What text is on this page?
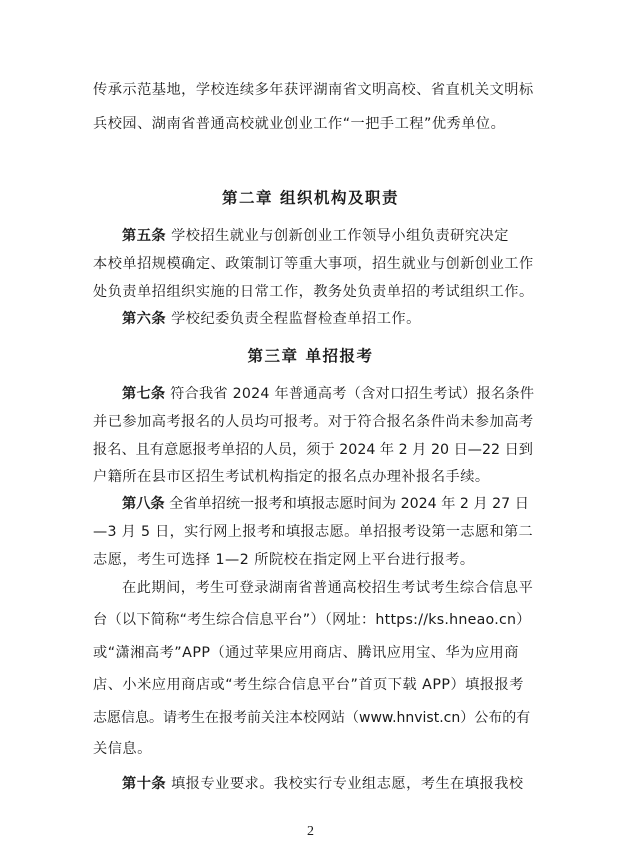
传承示范基地，学校连续多年获评湖南省文明高校、省直机关文明标
兵校园、湖南省普通高校就业创业工作“一把手工程”优秀单位。
第二章 组织机构及职责
第五条 学校招生就业与创新创业工作领导小组负责研究决定
本校单招规模确定、政策制订等重大事项，招生就业与创新创业工作
处负责单招组织实施的日常工作，教务处负责单招的考试组织工作。
第六条 学校纪委负责全程监督检查单招工作。
第三章 单招报考
第七条 符合我省 2024 年普通高考（含对口招生考试）报名条件
并已参加高考报名的人员均可报考。对于符合报名条件尚未参加高考
报名、且有意愿报考单招的人员，须于 2024 年 2 月 20 日—22 日到
户籍所在县市区招生考试机构指定的报名点办理补报名手续。
第八条 全省单招统一报考和填报志愿时间为 2024 年 2 月 27 日
—3 月 5 日，实行网上报考和填报志愿。单招报考设第一志愿和第二
志愿，考生可选择 1—2 所院校在指定网上平台进行报考。
在此期间，考生可登录湖南省普通高校招生考试考生综合信息平
台（以下简称“考生综合信息平台”）（网址：https://ks.hneao.cn）
或“潇湘高考”APP（通过苹果应用商店、腾讯应用宝、华为应用商
店、小米应用商店或“考生综合信息平台”首页下载 APP）填报报考
志愿信息。请考生在报考前关注本校网站（www.hnvist.cn）公布的有
关信息。
第十条 填报专业要求。我校实行专业组志愿，考生在填报我校
2
